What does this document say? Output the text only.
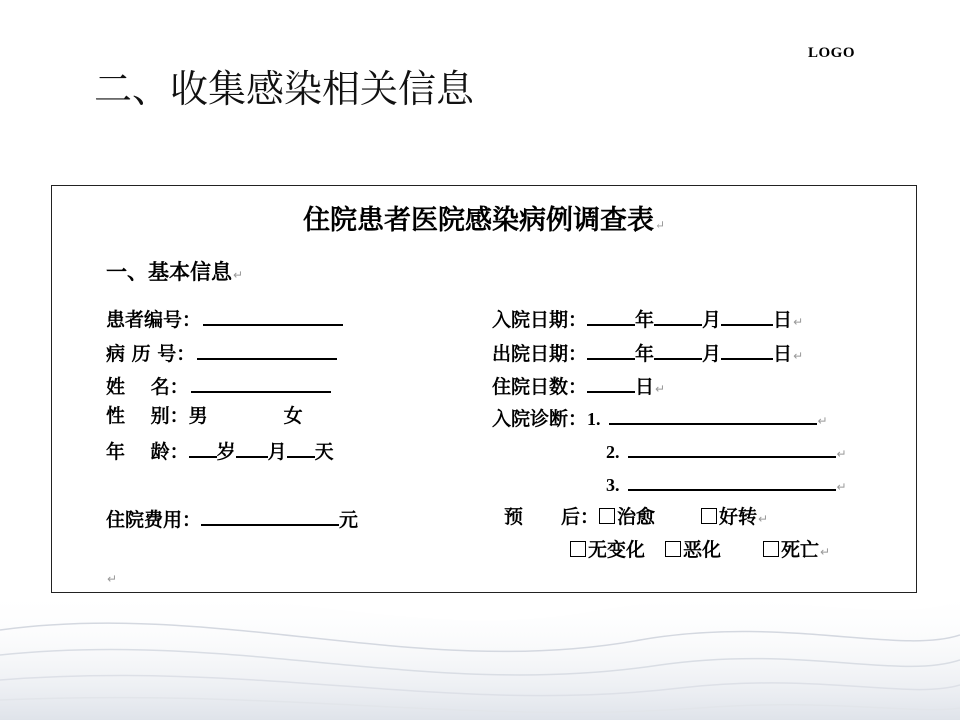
LOGO
二、收集感染相关信息
住院患者医院感染病例调查表↵
一、基本信息↵
患者编号：
病 历 号：
姓　 名：
性　 别：男	女
年　 龄： 岁 月 天
住院费用：	元
↵
入院日期：	年	月	日↵
出院日期：	年	月	日↵
住院日数：	日↵
入院诊断：1.	↵
2.	↵
3.	↵
预　　后： 治愈	好转↵
无变化 恶化	死亡↵
